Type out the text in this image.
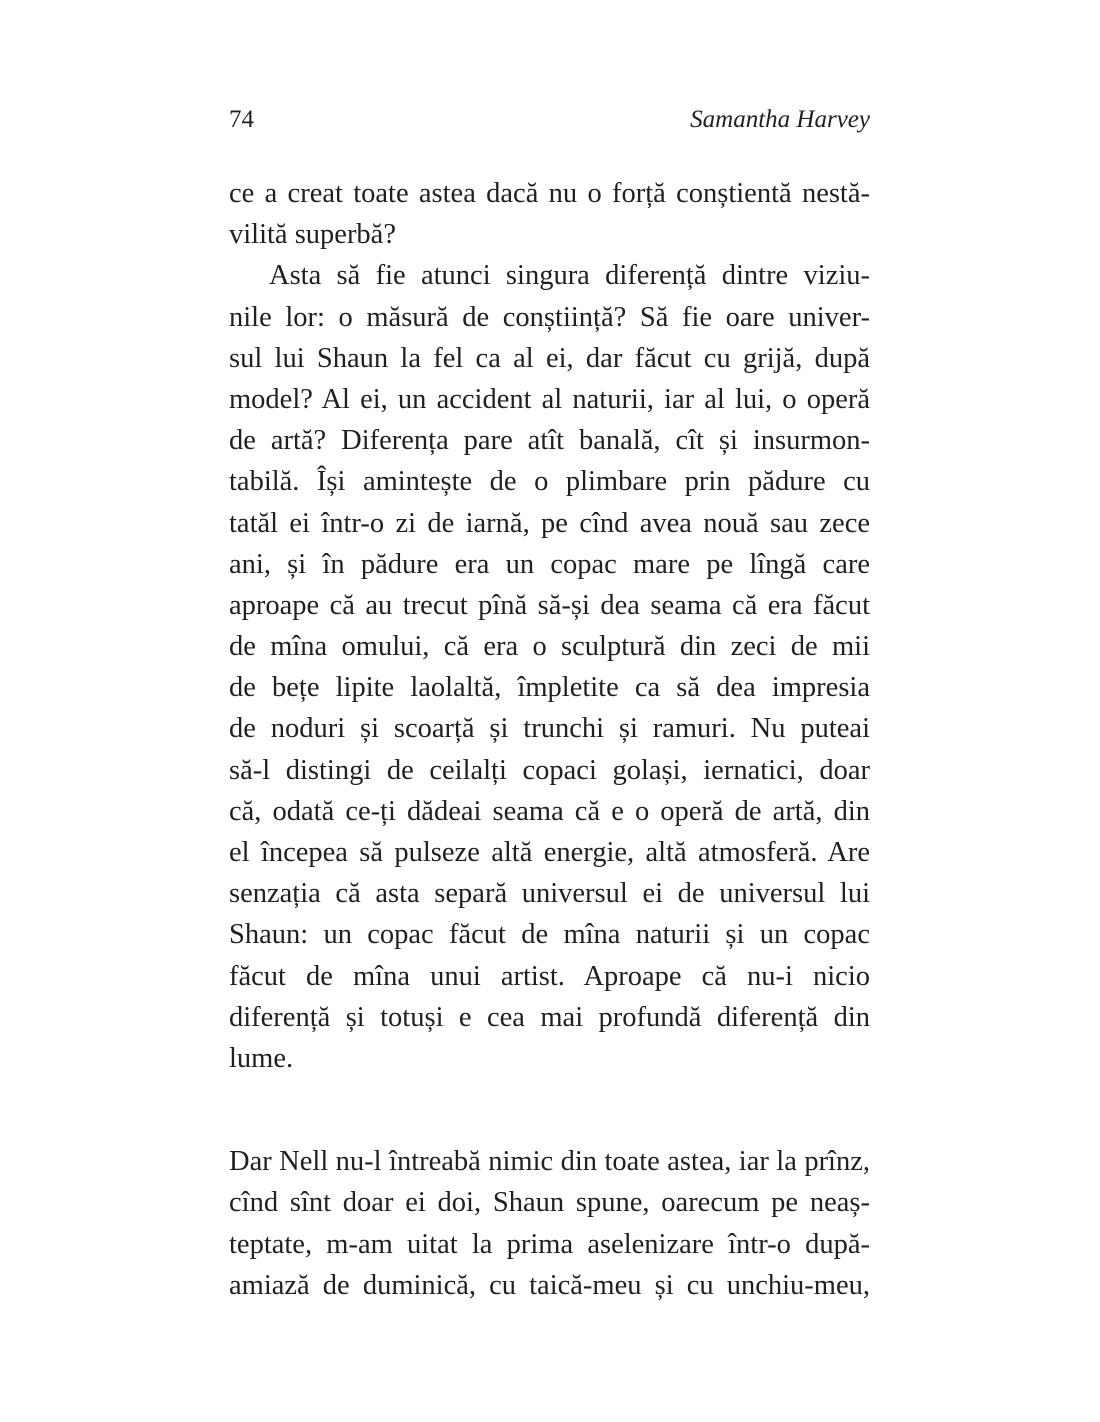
74	Samantha Harvey
ce a creat toate astea dacă nu o forță conștientă nestă-
vilită superbă?
Asta să fie atunci singura diferență dintre viziu-
nile lor: o măsură de conștiință? Să fie oare univer-
sul lui Shaun la fel ca al ei, dar făcut cu grijă, după
model? Al ei, un accident al naturii, iar al lui, o operă
de artă? Diferența pare atît banală, cît și insurmon-
tabilă. Își amintește de o plimbare prin pădure cu
tatăl ei într-o zi de iarnă, pe cînd avea nouă sau zece
ani, și în pădure era un copac mare pe lîngă care
aproape că au trecut pînă să-și dea seama că era făcut
de mîna omului, că era o sculptură din zeci de mii
de bețe lipite laolaltă, împletite ca să dea impresia
de noduri și scoarță și trunchi și ramuri. Nu puteai
să-l distingi de ceilalți copaci golași, iernatici, doar
că, odată ce-ți dădeai seama că e o operă de artă, din
el începea să pulseze altă energie, altă atmosferă. Are
senzația că asta separă universul ei de universul lui
Shaun: un copac făcut de mîna naturii și un copac
făcut de mîna unui artist. Aproape că nu-i nicio
diferență și totuși e cea mai profundă diferență din
lume.
Dar Nell nu-l întreabă nimic din toate astea, iar la prînz,
cînd sînt doar ei doi, Shaun spune, oarecum pe neaș-
teptate, m-am uitat la prima aselenizare într-o după-
amiază de duminică, cu taică-meu și cu unchiu-meu,
